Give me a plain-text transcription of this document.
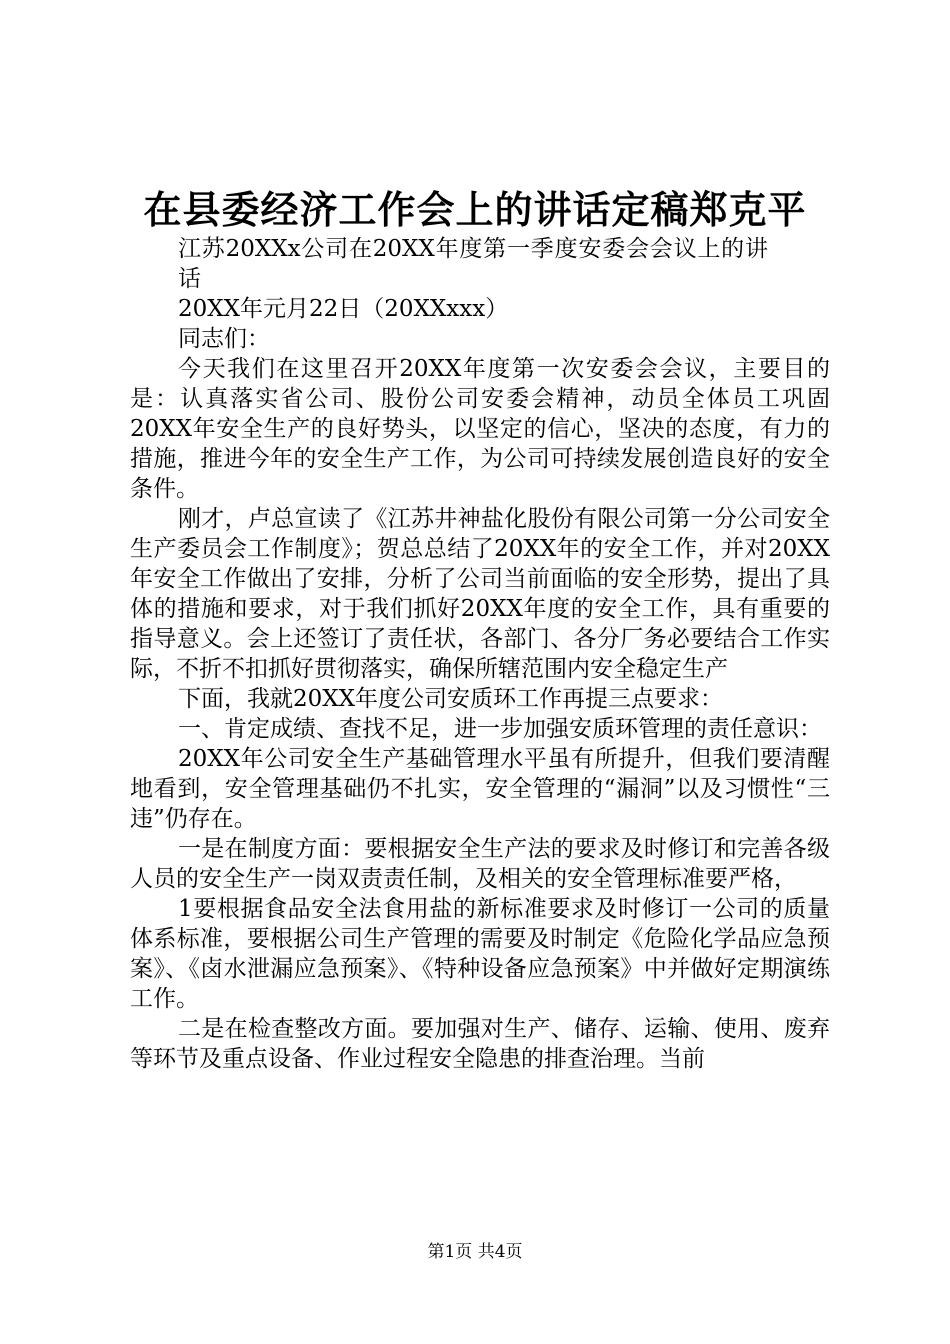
在县委经济工作会上的讲话定稿郑克平

江苏20XXx公司在20XX年度第一季度安委会会议上的讲话

20XX年元月22日（20XXxxx）

同志们：

今天我们在这里召开20XX年度第一次安委会会议，主要目的是：认真落实省公司、股份公司安委会精神，动员全体员工巩固20XX年安全生产的良好势头，以坚定的信心，坚决的态度，有力的措施，推进今年的安全生产工作，为公司可持续发展创造良好的安全条件。

刚才，卢总宣读了《江苏井神盐化股份有限公司第一分公司安全生产委员会工作制度》；贺总总结了20XX年的安全工作，并对20XX年安全工作做出了安排，分析了公司当前面临的安全形势，提出了具体的措施和要求，对于我们抓好20XX年度的安全工作，具有重要的指导意义。会上还签订了责任状，各部门、各分厂务必要结合工作实际，不折不扣抓好贯彻落实，确保所辖范围内安全稳定生产

下面，我就20XX年度公司安质环工作再提三点要求：

一、肯定成绩、查找不足，进一步加强安质环管理的责任意识：

20XX年公司安全生产基础管理水平虽有所提升，但我们要清醒地看到，安全管理基础仍不扎实，安全管理的“漏洞”以及习惯性“三违”仍存在。

一是在制度方面：要根据安全生产法的要求及时修订和完善各级人员的安全生产一岗双责责任制，及相关的安全管理标准要严格，

1要根据食品安全法食用盐的新标准要求及时修订一公司的质量体系标准，要根据公司生产管理的需要及时制定《危险化学品应急预案》、《卤水泄漏应急预案》、《特种设备应急预案》中并做好定期演练工作。

二是在检查整改方面。要加强对生产、储存、运输、使用、废弃等环节及重点设备、作业过程安全隐患的排查治理。当前

第1页 共4页
